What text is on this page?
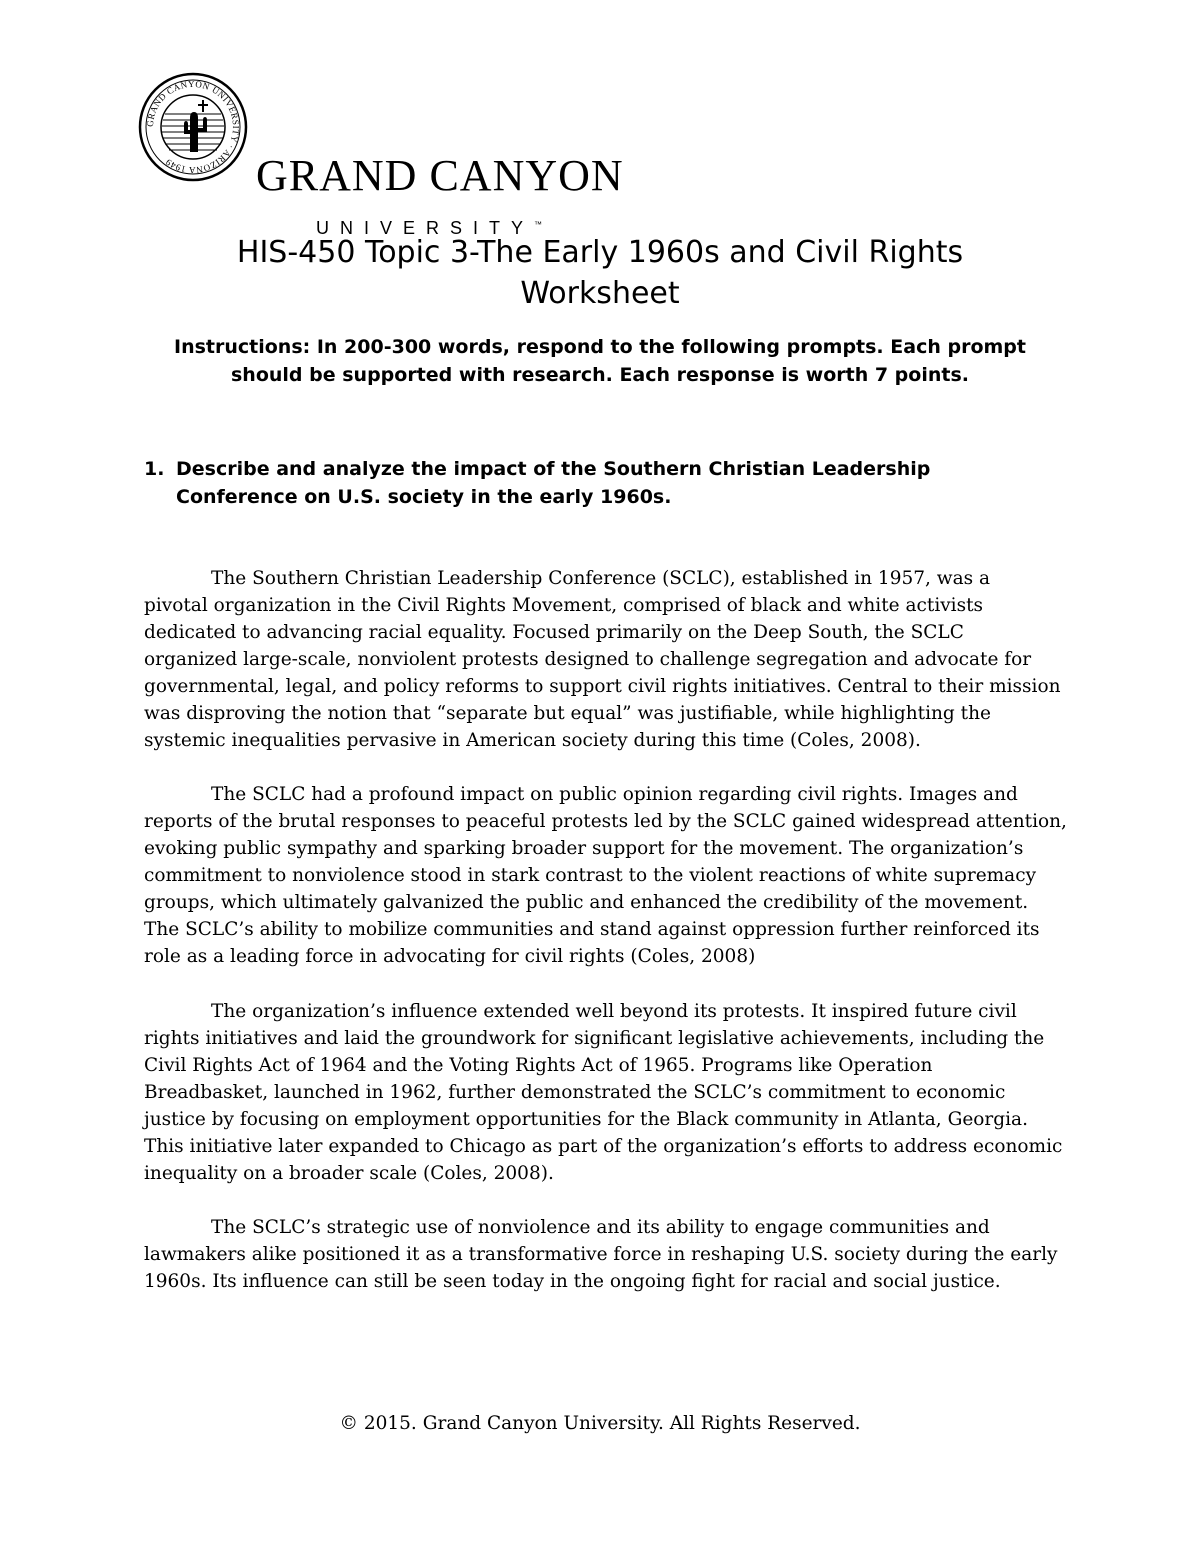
GRAND CANYON UNIVERSITY · ARIZONA 1949	GRAND CANYON
UNIVERSITY™
HIS-450 Topic 3-The Early 1960s and Civil Rights
Worksheet
Instructions: In 200-300 words, respond to the following prompts. Each prompt
should be supported with research. Each response is worth 7 points.
1. Describe and analyze the impact of the Southern Christian Leadership
Conference on U.S. society in the early 1960s.
The Southern Christian Leadership Conference (SCLC), established in 1957, was a
pivotal organization in the Civil Rights Movement, comprised of black and white activists
dedicated to advancing racial equality. Focused primarily on the Deep South, the SCLC
organized large-scale, nonviolent protests designed to challenge segregation and advocate for
governmental, legal, and policy reforms to support civil rights initiatives. Central to their mission
was disproving the notion that “separate but equal” was justifiable, while highlighting the
systemic inequalities pervasive in American society during this time (Coles, 2008).
The SCLC had a profound impact on public opinion regarding civil rights. Images and
reports of the brutal responses to peaceful protests led by the SCLC gained widespread attention,
evoking public sympathy and sparking broader support for the movement. The organization’s
commitment to nonviolence stood in stark contrast to the violent reactions of white supremacy
groups, which ultimately galvanized the public and enhanced the credibility of the movement.
The SCLC’s ability to mobilize communities and stand against oppression further reinforced its
role as a leading force in advocating for civil rights (Coles, 2008)
The organization’s influence extended well beyond its protests. It inspired future civil
rights initiatives and laid the groundwork for significant legislative achievements, including the
Civil Rights Act of 1964 and the Voting Rights Act of 1965. Programs like Operation
Breadbasket, launched in 1962, further demonstrated the SCLC’s commitment to economic
justice by focusing on employment opportunities for the Black community in Atlanta, Georgia.
This initiative later expanded to Chicago as part of the organization’s efforts to address economic
inequality on a broader scale (Coles, 2008).
The SCLC’s strategic use of nonviolence and its ability to engage communities and
lawmakers alike positioned it as a transformative force in reshaping U.S. society during the early
1960s. Its influence can still be seen today in the ongoing fight for racial and social justice.
© 2015. Grand Canyon University. All Rights Reserved.
